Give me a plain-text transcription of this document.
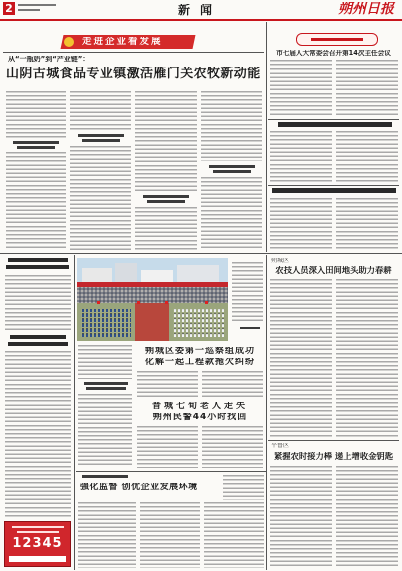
2	新闻	朔州日报
走进企业看发展
从“一瓶奶”到“产业链”：
山阴古城食品专业镇激活雁门关农牧新动能
市七届人大常委会召开第14次主任会议
12345
朔城区委第一巡察组成功
化解一起工程款拖欠纠纷
晋城七旬老人走失
朔州民警44小时找回
强化监督 创优企业发展环境
朔城区
农技人员深入田间地头助力春耕
平鲁区
紧握农时接力棒 递上增收金钥匙
